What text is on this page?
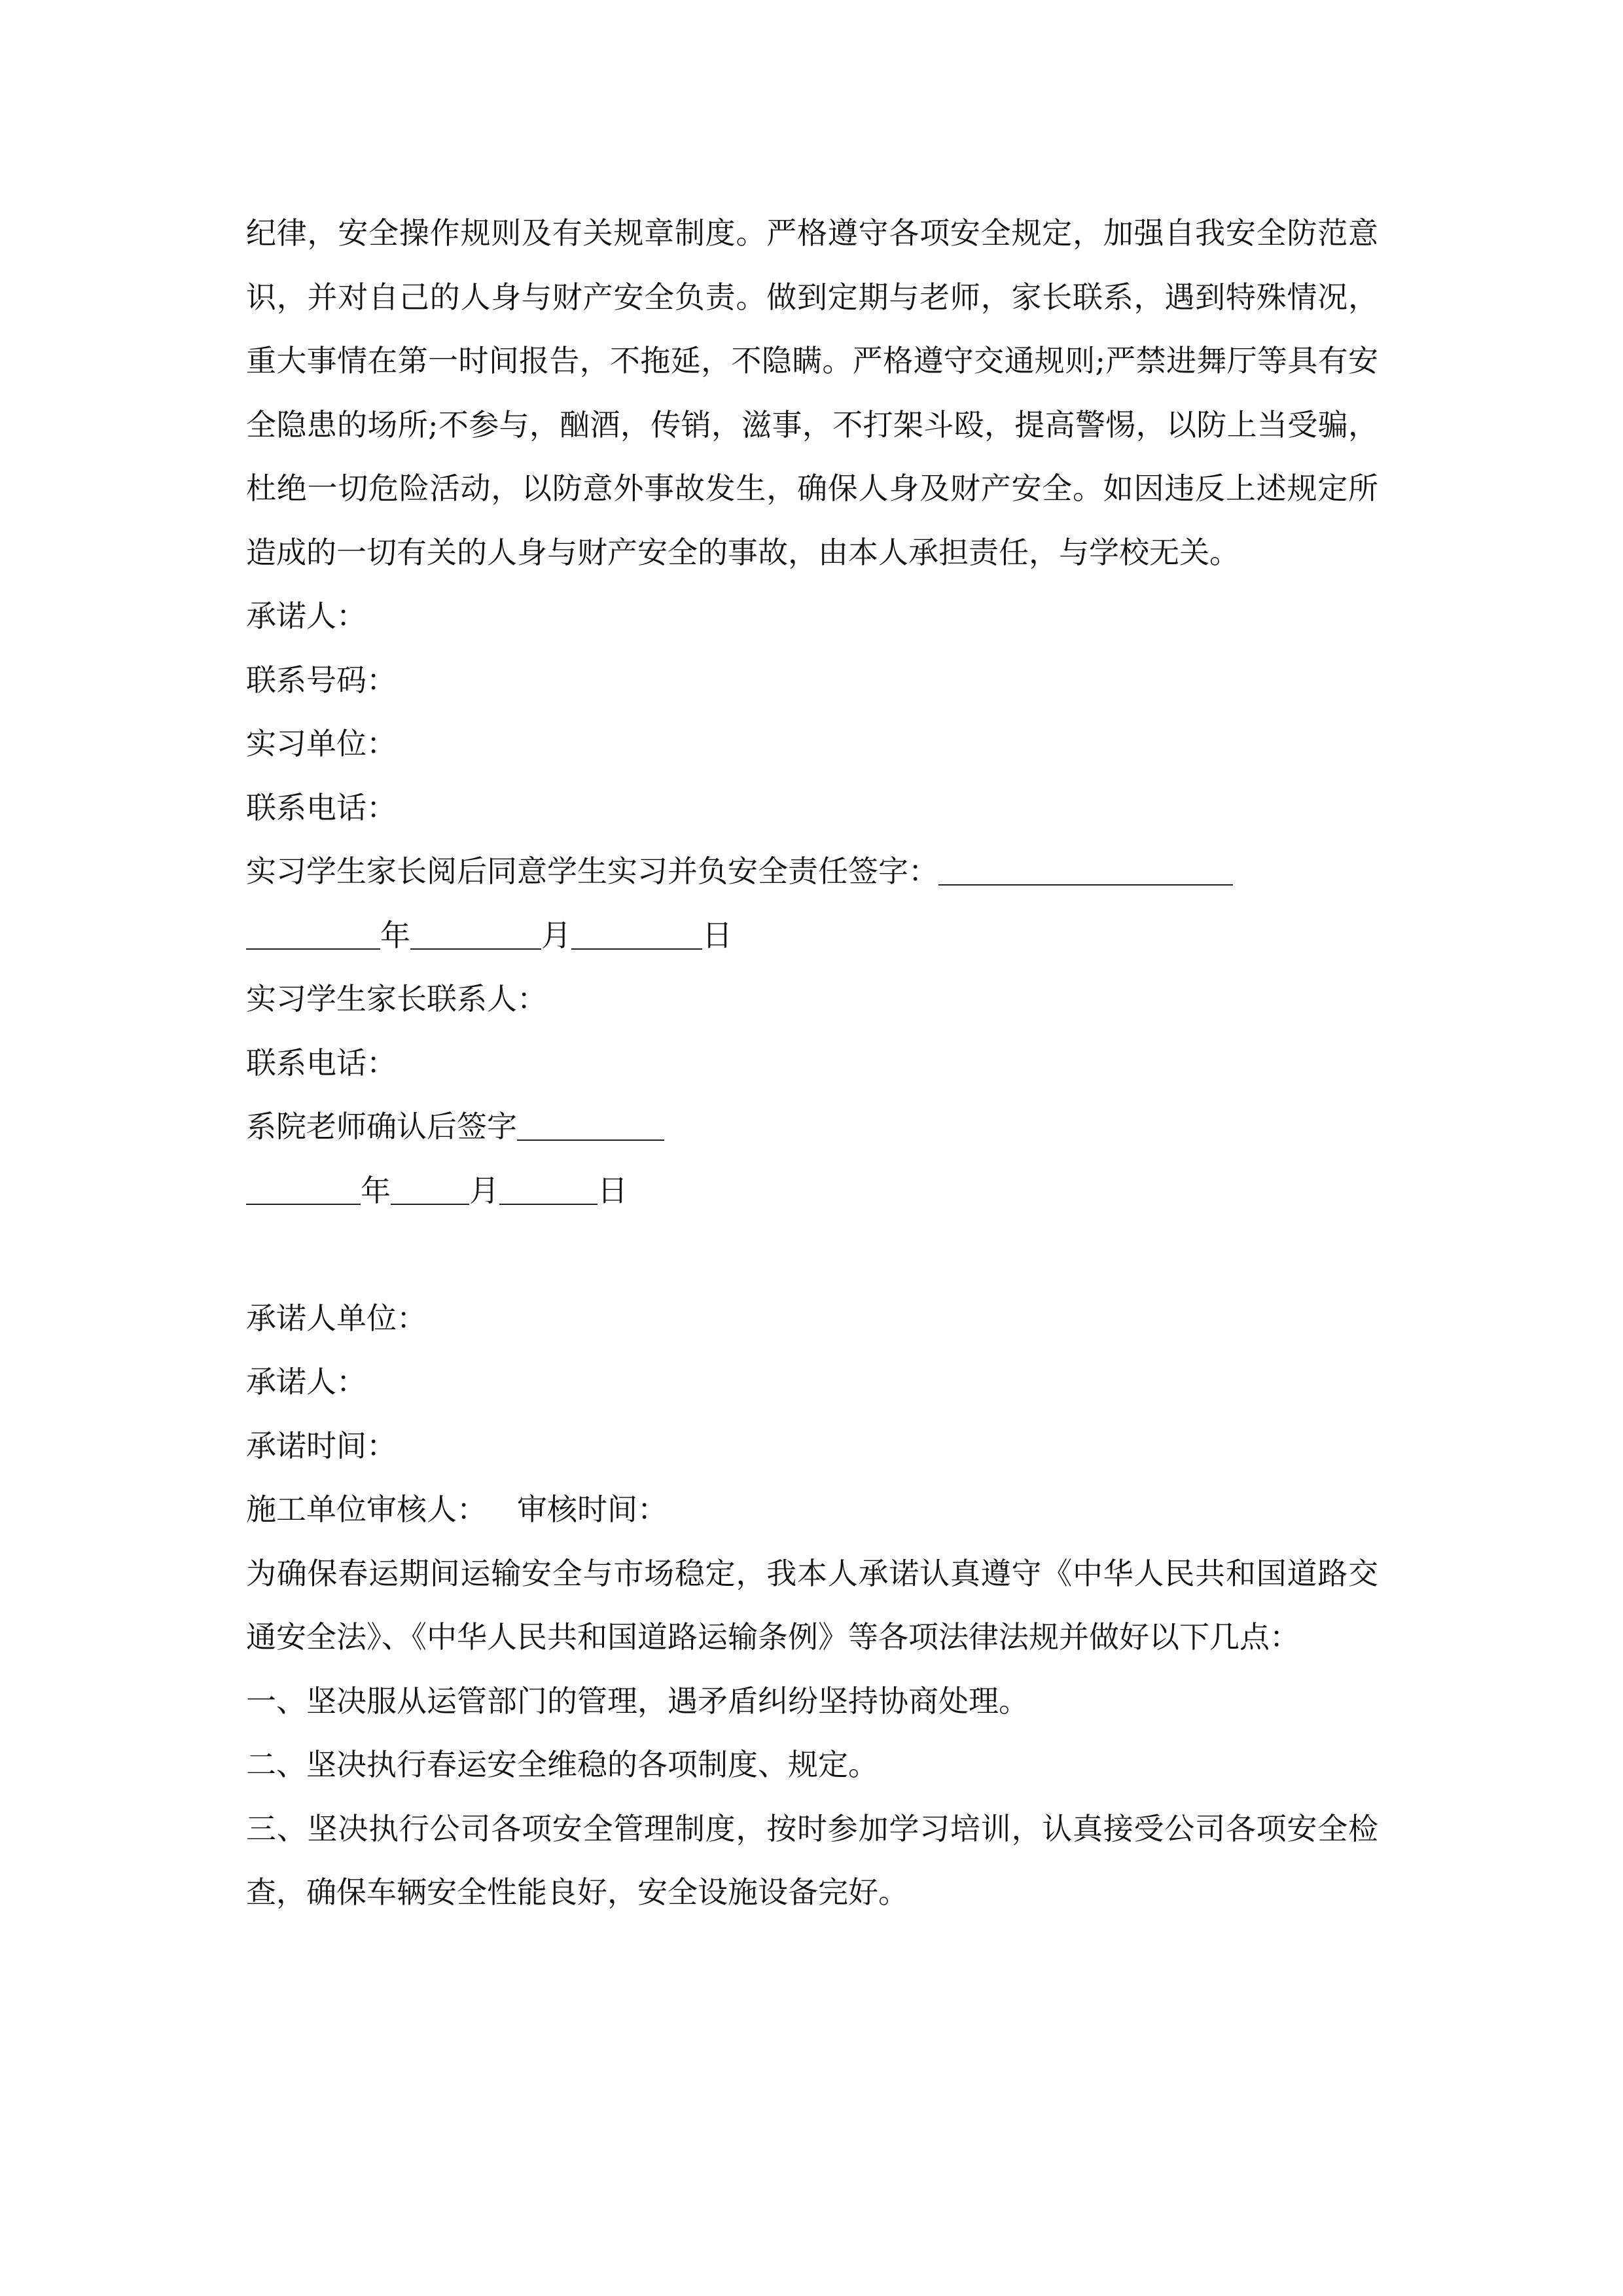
纪律，安全操作规则及有关规章制度。严格遵守各项安全规定，加强自我安全防范意识，并对自己的人身与财产安全负责。做到定期与老师，家长联系，遇到特殊情况，重大事情在第一时间报告，不拖延，不隐瞒。严格遵守交通规则;严禁进舞厅等具有安全隐患的场所;不参与，酗酒，传销，滋事，不打架斗殴，提高警惕，以防上当受骗，杜绝一切危险活动，以防意外事故发生，确保人身及财产安全。如因违反上述规定所造成的一切有关的人身与财产安全的事故，由本人承担责任，与学校无关。

承诺人：

联系号码：

实习单位：

联系电话：

实习学生家长阅后同意学生实习并负安全责任签字：

年	月	日

实习学生家长联系人：

联系电话：

系院老师确认后签字

年	月	日

承诺人单位：

承诺人：

承诺时间：

施工单位审核人： 审核时间：

为确保春运期间运输安全与市场稳定，我本人承诺认真遵守《中华人民共和国道路交通安全法》、《中华人民共和国道路运输条例》等各项法律法规并做好以下几点：

一、坚决服从运管部门的管理，遇矛盾纠纷坚持协商处理。

二、坚决执行春运安全维稳的各项制度、规定。

三、坚决执行公司各项安全管理制度，按时参加学习培训，认真接受公司各项安全检查，确保车辆安全性能良好，安全设施设备完好。
